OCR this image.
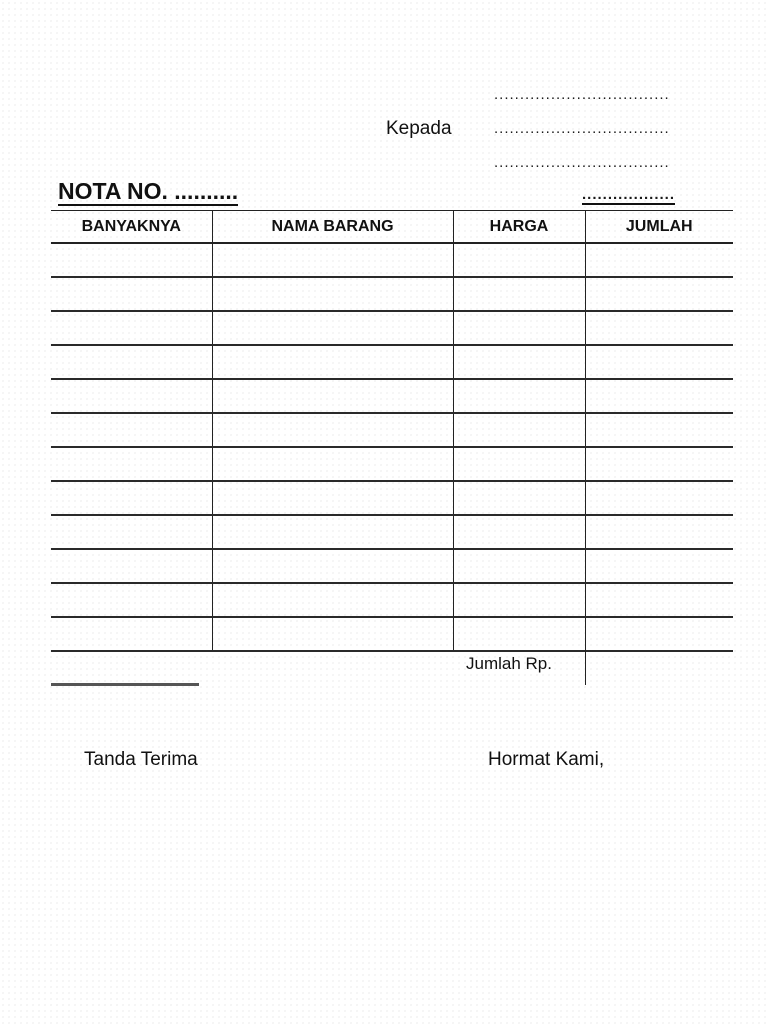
..................................
Kepada	..................................
..................................
NOTA NO. ..........	..................
BANYAKNYA	NAMA BARANG	HARGA	JUMLAH

Jumlah Rp.
Tanda Terima	Hormat Kami,
